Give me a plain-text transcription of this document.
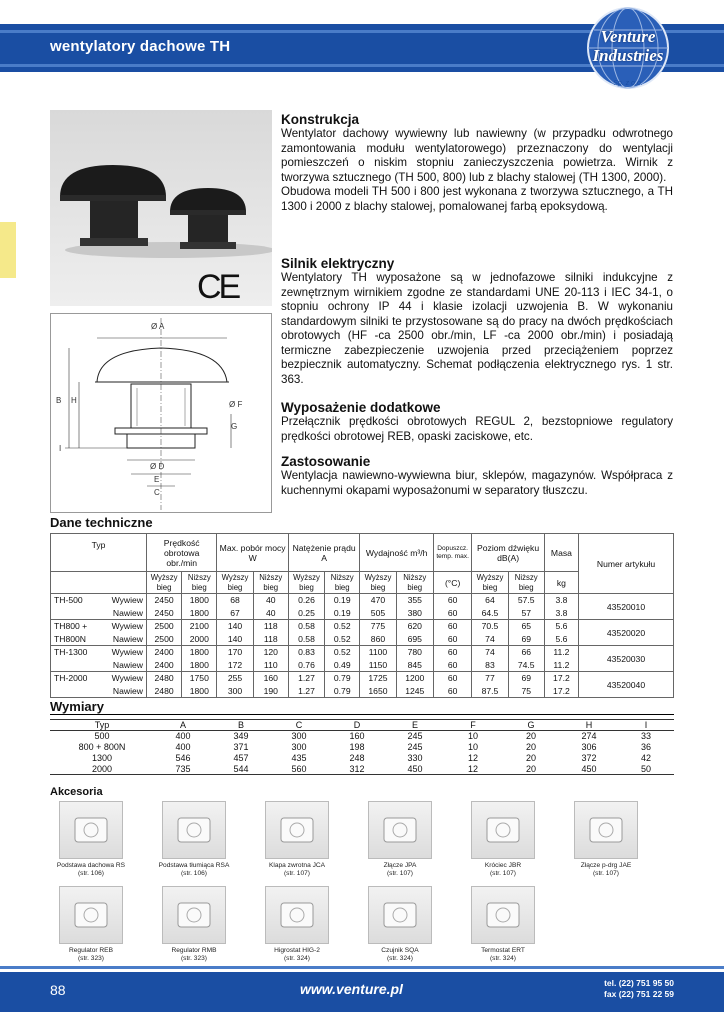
wentylatory dachowe TH
Venture
Industries
Sp. z o.o.
CE
Ø A
B H	Ø F
G
I
Ø D
E
C
Konstrukcja
Wentylator dachowy wywiewny lub nawiewny (w przypadku odwrotnego zamontowania modułu wentylatorowego) przeznaczony do wentylacji pomieszczeń o niskim stopniu zanieczyszczenia powietrza. Wirnik z tworzywa sztucznego (TH 500, 800) lub z blachy stalowej (TH 1300, 2000).
Obudowa modeli TH 500 i 800 jest wykonana z tworzywa sztucznego, a TH 1300 i 2000 z blachy stalowej, pomalowanej farbą epoksydową.
Silnik elektryczny
Wentylatory TH wyposażone są w jednofazowe silniki indukcyjne z zewnętrznym wirnikiem zgodne ze standardami UNE 20-113 i IEC 34-1, o stopniu ochrony IP 44 i klasie izolacji uzwojenia B. W wykonaniu standardowym silniki te przystosowane są do pracy na dwóch prędkościach obrotowych (HF -ca 2500 obr./min, LF -ca 2000 obr./min) i posiadają termiczne zabezpieczenie uzwojenia przed przeciążeniem poprzez bezpiecznik automatyczny. Schemat podłączenia elektrycznego rys. 1 str. 363.
Wyposażenie dodatkowe
Przełącznik prędkości obrotowych REGUL 2, bezstopniowe regulatory prędkości obrotowej REB, opaski zaciskowe, etc.
Zastosowanie
Wentylacja nawiewno-wywiewna biur, sklepów, magazynów. Współpraca z kuchennymi okapami wyposażonumi w separatory tłuszczu.
Dane techniczne
Typ		Prędkość obrotowa obr./min		Max. pobór mocy W		Natężenie prądu A		Wydajność m³/h		Dopuszcz. temp. max.	Poziom dźwięku dB(A)		Masa	Numer artykułu
		Wyższy bieg	Niższy bieg	Wyższy bieg	Niższy bieg	Wyższy bieg	Niższy bieg	Wyższy bieg	Niższy bieg	(°C)	Wyższy bieg	Niższy bieg	kg	
TH-500	Wywiew	2450	1800	68	40	0.26	0.19	470	355	60	64	57.5	3.8	43520010
	Nawiew	2450	1800	67	40	0.25	0.19	505	380	60	64.5	57	3.8	
TH800 +	Wywiew	2500	2100	140	118	0.58	0.52	775	620	60	70.5	65	5.6	43520020
TH800N	Nawiew	2500	2000	140	118	0.58	0.52	860	695	60	74	69	5.6	
TH-1300	Wywiew	2400	1800	170	120	0.83	0.52	1100	780	60	74	66	11.2	43520030
	Nawiew	2400	1800	172	110	0.76	0.49	1150	845	60	83	74.5	11.2	
TH-2000	Wywiew	2480	1750	255	160	1.27	0.79	1725	1200	60	77	69	17.2	43520040
	Nawiew	2480	1800	300	190	1.27	0.79	1650	1245	60	87.5	75	17.2	
Wymiary
Typ	A	B	C	D	E	F	G	H	I
500	400	349	300	160	245	10	20	274	33
800 + 800N	400	371	300	198	245	10	20	306	36
1300	546	457	435	248	330	12	20	372	42
2000	735	544	560	312	450	12	20	450	50
Akcesoria
Podstawa dachowa RS
(str. 106)
Podstawa tłumiąca RSA
(str. 106)
Klapa zwrotna JCA
(str. 107)
Złącze JPA
(str. 107)
Króciec JBR
(str. 107)
Złącze p-drg JAE
(str. 107)
Regulator REB
(str. 323)
Regulator RMB
(str. 323)
Higrostat HIG-2
(str. 324)
Czujnik SQA
(str. 324)
Termostat ERT
(str. 324)
88	www.venture.pl	tel. (22) 751 95 50
fax (22) 751 22 59
